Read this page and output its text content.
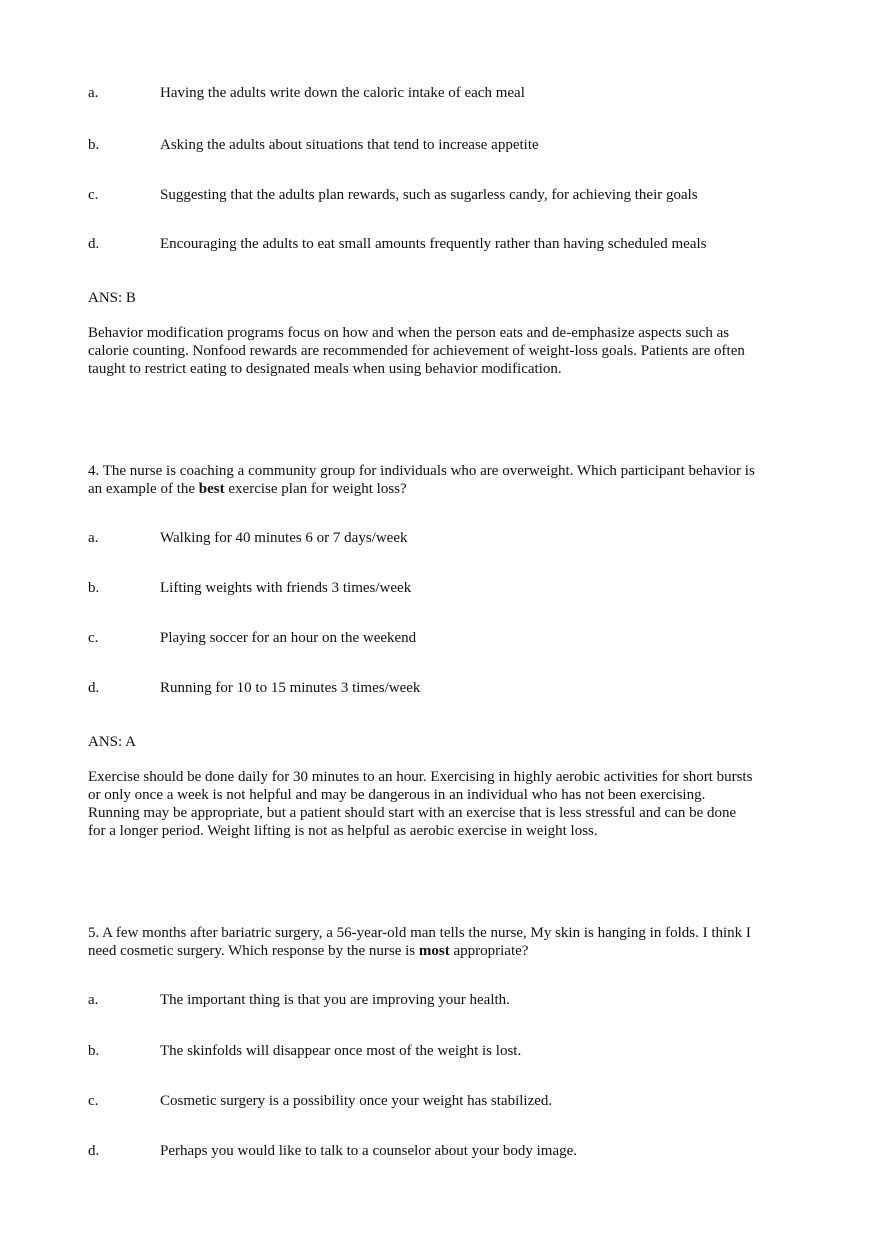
a.	Having the adults write down the caloric intake of each meal
b.	Asking the adults about situations that tend to increase appetite
c.	Suggesting that the adults plan rewards, such as sugarless candy, for achieving their goals
d.	Encouraging the adults to eat small amounts frequently rather than having scheduled meals
ANS: B

Behavior modification programs focus on how and when the person eats and de-emphasize aspects such as

calorie counting. Nonfood rewards are recommended for achievement of weight-loss goals. Patients are often

taught to restrict eating to designated meals when using behavior modification.

4. The nurse is coaching a community group for individuals who are overweight. Which participant behavior is

an example of the best exercise plan for weight loss?

a.	Walking for 40 minutes 6 or 7 days/week
b.	Lifting weights with friends 3 times/week
c.	Playing soccer for an hour on the weekend
d.	Running for 10 to 15 minutes 3 times/week
ANS: A

Exercise should be done daily for 30 minutes to an hour. Exercising in highly aerobic activities for short bursts

or only once a week is not helpful and may be dangerous in an individual who has not been exercising.

Running may be appropriate, but a patient should start with an exercise that is less stressful and can be done

for a longer period. Weight lifting is not as helpful as aerobic exercise in weight loss.

5. A few months after bariatric surgery, a 56-year-old man tells the nurse, My skin is hanging in folds. I think I

need cosmetic surgery. Which response by the nurse is most appropriate?

a.	The important thing is that you are improving your health.
b.	The skinfolds will disappear once most of the weight is lost.
c.	Cosmetic surgery is a possibility once your weight has stabilized.
d.	Perhaps you would like to talk to a counselor about your body image.
